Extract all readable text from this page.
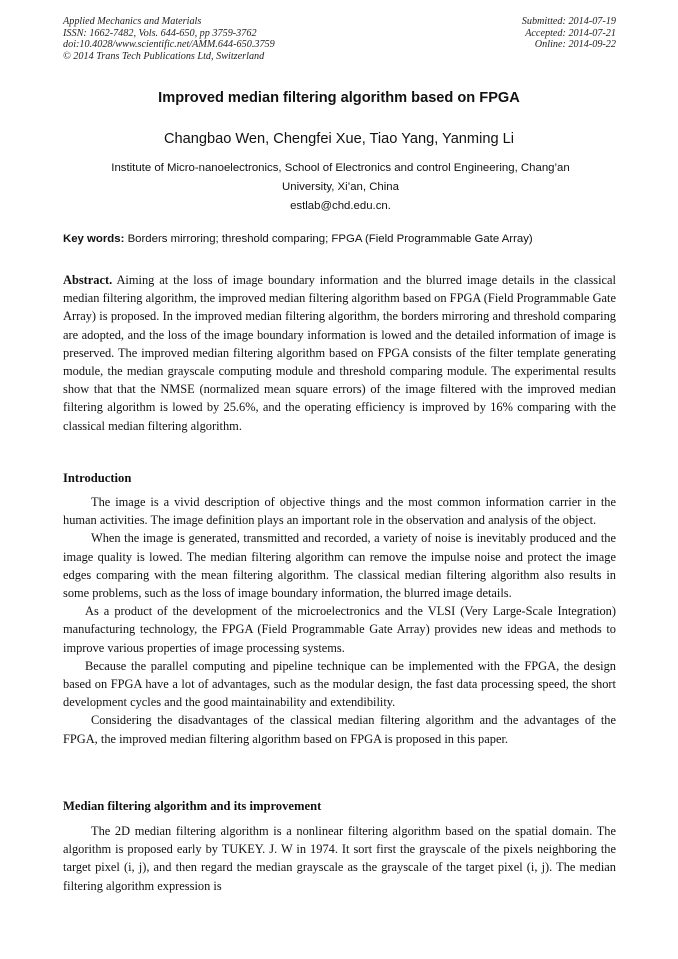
Applied Mechanics and Materials
ISSN: 1662-7482, Vols. 644-650, pp 3759-3762
doi:10.4028/www.scientific.net/AMM.644-650.3759
© 2014 Trans Tech Publications Ltd, Switzerland
Submitted: 2014-07-19
Accepted: 2014-07-21
Online: 2014-09-22
Improved median filtering algorithm based on FPGA
Changbao Wen, Chengfei Xue, Tiao Yang, Yanming Li
Institute of Micro-nanoelectronics, School of Electronics and control Engineering, Chang’an
University, Xi’an, China
estlab@chd.edu.cn.
Key words: Borders mirroring; threshold comparing; FPGA (Field Programmable Gate Array)

Abstract. Aiming at the loss of image boundary information and the blurred image details in the classical median filtering algorithm, the improved median filtering algorithm based on FPGA (Field Programmable Gate Array) is proposed. In the improved median filtering algorithm, the borders mirroring and threshold comparing are adopted, and the loss of the image boundary information is lowed and the detailed information of image is preserved. The improved median filtering algorithm based on FPGA consists of the filter template generating module, the median grayscale computing module and threshold comparing module. The experimental results show that that the NMSE (normalized mean square errors) of the image filtered with the improved median filtering algorithm is lowed by 25.6%, and the operating efficiency is improved by 16% comparing with the classical median filtering algorithm.

Introduction

The image is a vivid description of objective things and the most common information carrier in the human activities. The image definition plays an important role in the observation and analysis of the object.

When the image is generated, transmitted and recorded, a variety of noise is inevitably produced and the image quality is lowed. The median filtering algorithm can remove the impulse noise and protect the image edges comparing with the mean filtering algorithm. The classical median filtering algorithm also results in some problems, such as the loss of image boundary information, the blurred image details.

As a product of the development of the microelectronics and the VLSI (Very Large-Scale Integration) manufacturing technology, the FPGA (Field Programmable Gate Array) provides new ideas and methods to improve various properties of image processing systems.

Because the parallel computing and pipeline technique can be implemented with the FPGA, the design based on FPGA have a lot of advantages, such as the modular design, the fast data processing speed, the short development cycles and the good maintainability and extendibility.

Considering the disadvantages of the classical median filtering algorithm and the advantages of the FPGA, the improved median filtering algorithm based on FPGA is proposed in this paper.

Median filtering algorithm and its improvement

The 2D median filtering algorithm is a nonlinear filtering algorithm based on the spatial domain. The algorithm is proposed early by TUKEY. J. W in 1974. It sort first the grayscale of the pixels neighboring the target pixel (i, j), and then regard the median grayscale as the grayscale of the target pixel (i, j). The median filtering algorithm expression is
